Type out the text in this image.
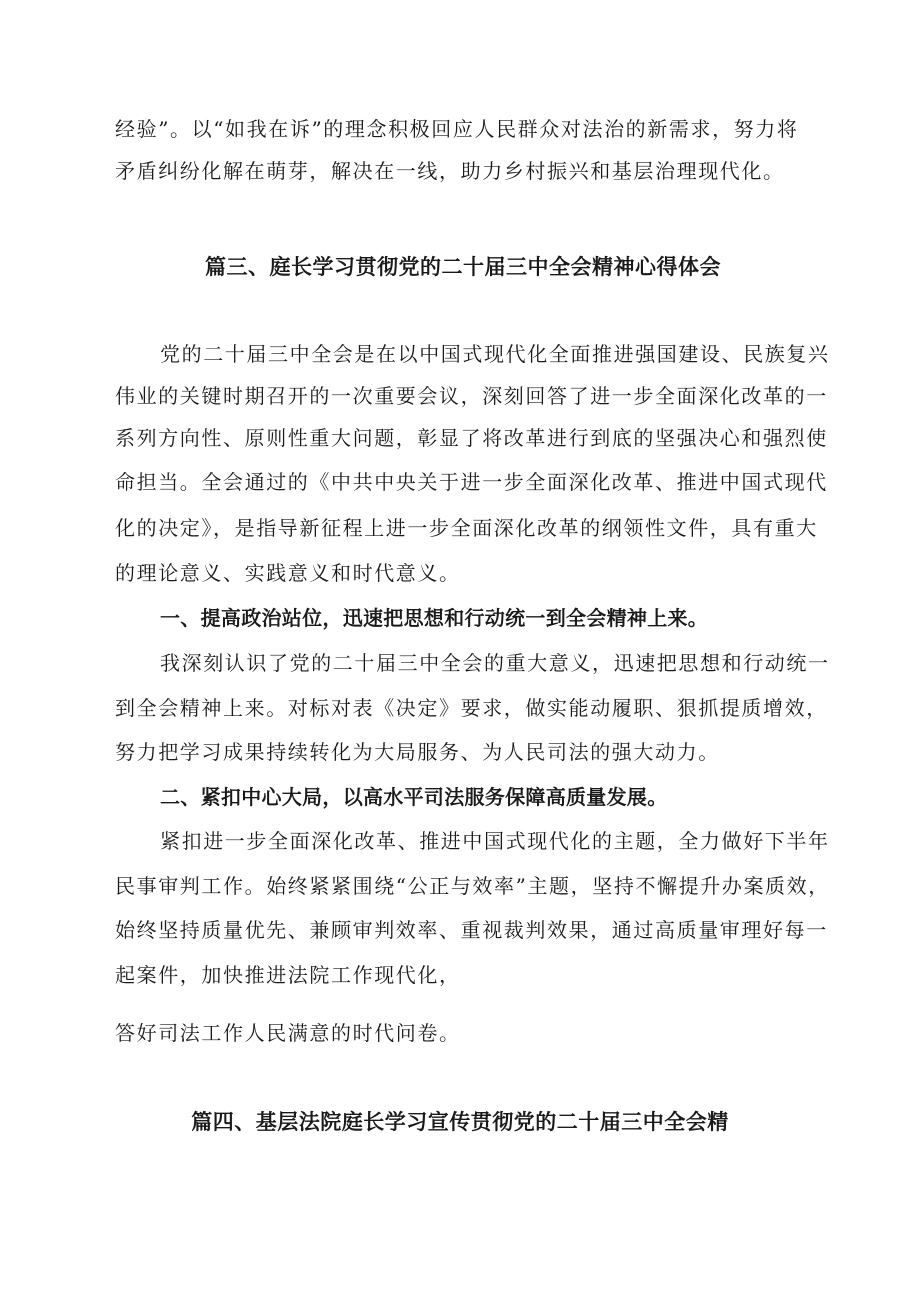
经验”。以“如我在诉”的理念积极回应人民群众对法治的新需求，努力将

矛盾纠纷化解在萌芽，解决在一线，助力乡村振兴和基层治理现代化。

篇三、庭长学习贯彻党的二十届三中全会精神心得体会

党的二十届三中全会是在以中国式现代化全面推进强国建设、民族复兴

伟业的关键时期召开的一次重要会议，深刻回答了进一步全面深化改革的一

系列方向性、原则性重大问题，彰显了将改革进行到底的坚强决心和强烈使

命担当。全会通过的《中共中央关于进一步全面深化改革、推进中国式现代

化的决定》，是指导新征程上进一步全面深化改革的纲领性文件，具有重大

的理论意义、实践意义和时代意义。

一、提高政治站位，迅速把思想和行动统一到全会精神上来。

我深刻认识了党的二十届三中全会的重大意义，迅速把思想和行动统一

到全会精神上来。对标对表《决定》要求，做实能动履职、狠抓提质增效，

努力把学习成果持续转化为大局服务、为人民司法的强大动力。

二、紧扣中心大局，以高水平司法服务保障高质量发展。

紧扣进一步全面深化改革、推进中国式现代化的主题，全力做好下半年

民事审判工作。始终紧紧围绕“公正与效率”主题，坚持不懈提升办案质效，

始终坚持质量优先、兼顾审判效率、重视裁判效果，通过高质量审理好每一

起案件，加快推进法院工作现代化，

答好司法工作人民满意的时代问卷。

篇四、基层法院庭长学习宣传贯彻党的二十届三中全会精
